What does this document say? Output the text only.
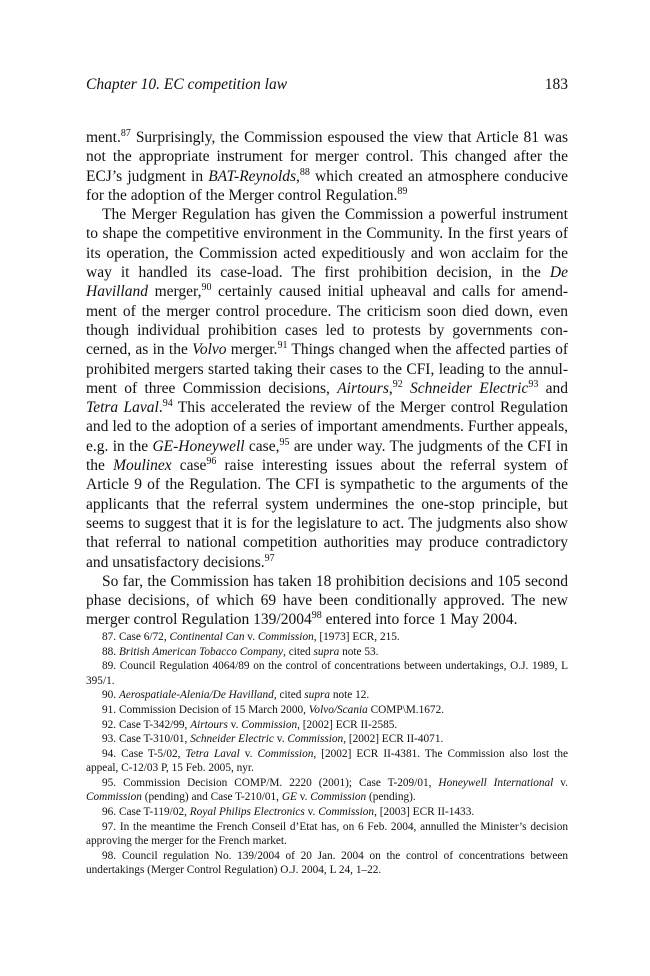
Chapter 10. EC competition law	183

ment.$^{87}$ Surprisingly, the Commission espoused the view that Article 81 was not the appropriate instrument for merger control. This changed after the ECJ’s judgment in BAT-Reynolds,$^{88}$ which created an atmosphere conducive for the adoption of the Merger control Regulation.$^{89}$

The Merger Regulation has given the Commission a powerful instrument to shape the competitive environment in the Community. In the first years of its operation, the Commission acted expeditiously and won acclaim for the way it handled its case-load. The first prohibition decision, in the De Havilland merger,$^{90}$ certainly caused initial upheaval and calls for amendment of the merger control procedure. The criticism soon died down, even though individual prohibition cases led to protests by governments concerned, as in the Volvo merger.$^{91}$ Things changed when the affected parties of prohibited mergers started taking their cases to the CFI, leading to the annulment of three Commission decisions, Airtours,$^{92}$ Schneider Electric$^{93}$ and Tetra Laval.$^{94}$ This accelerated the review of the Merger control Regulation and led to the adoption of a series of important amendments. Further appeals, e.g. in the GE-Honeywell case,$^{95}$ are under way. The judgments of the CFI in the Moulinex case$^{96}$ raise interesting issues about the referral system of Article 9 of the Regulation. The CFI is sympathetic to the arguments of the applicants that the referral system undermines the one-stop principle, but seems to suggest that it is for the legislature to act. The judgments also show that referral to national competition authorities may produce contradictory and unsatisfactory decisions.$^{97}$

So far, the Commission has taken 18 prohibition decisions and 105 second phase decisions, of which 69 have been conditionally approved. The new merger control Regulation 139/2004$^{98}$ entered into force 1 May 2004.

87. Case 6/72, Continental Can v. Commission, [1973] ECR, 215.

88. British American Tobacco Company, cited supra note 53.

89. Council Regulation 4064/89 on the control of concentrations between undertakings, O.J. 1989, L 395/1.

90. Aerospatiale-Alenia/De Havilland, cited supra note 12.

91. Commission Decision of 15 March 2000, Volvo/Scania COMP\M.1672.

92. Case T-342/99, Airtours v. Commission, [2002] ECR II-2585.

93. Case T-310/01, Schneider Electric v. Commission, [2002] ECR II-4071.

94. Case T-5/02, Tetra Laval v. Commission, [2002] ECR II-4381. The Commission also lost the appeal, C-12/03 P, 15 Feb. 2005, nyr.

95. Commission Decision COMP/M. 2220 (2001); Case T-209/01, Honeywell International v. Commission (pending) and Case T-210/01, GE v. Commission (pending).

96. Case T-119/02, Royal Philips Electronics v. Commission, [2003] ECR II-1433.

97. In the meantime the French Conseil d’Etat has, on 6 Feb. 2004, annulled the Minister’s decision approving the merger for the French market.

98. Council regulation No. 139/2004 of 20 Jan. 2004 on the control of concentrations between undertakings (Merger Control Regulation) O.J. 2004, L 24, 1–22.
